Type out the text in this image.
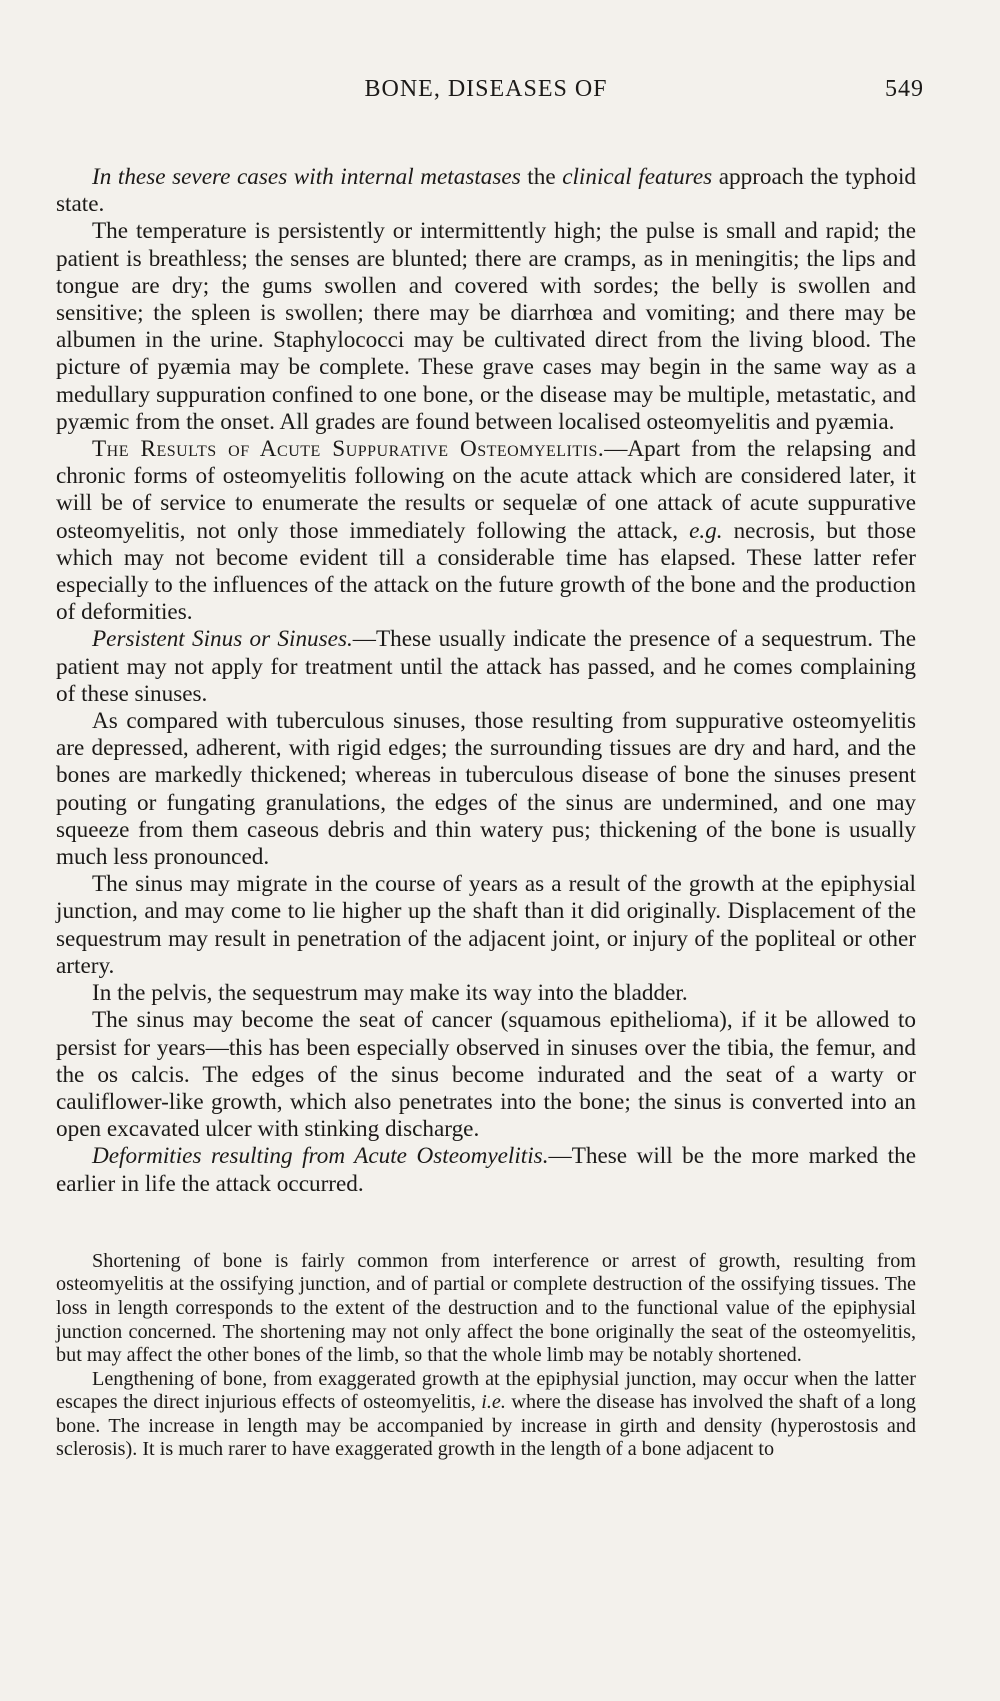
BONE, DISEASES OF	549

In these severe cases with internal metastases the clinical features approach the typhoid state.

The temperature is persistently or intermittently high; the pulse is small and rapid; the patient is breathless; the senses are blunted; there are cramps, as in meningitis; the lips and tongue are dry; the gums swollen and covered with sordes; the belly is swollen and sensitive; the spleen is swollen; there may be diarrhœa and vomiting; and there may be albumen in the urine. Staphylococci may be cultivated direct from the living blood. The picture of pyæmia may be complete. These grave cases may begin in the same way as a medullary suppuration confined to one bone, or the disease may be multiple, metastatic, and pyæmic from the onset. All grades are found between localised osteomyelitis and pyæmia.

The Results of Acute Suppurative Osteomyelitis.—Apart from the relapsing and chronic forms of osteomyelitis following on the acute attack which are considered later, it will be of service to enumerate the results or sequelæ of one attack of acute suppurative osteomyelitis, not only those immediately following the attack, e.g. necrosis, but those which may not become evident till a considerable time has elapsed. These latter refer especially to the influences of the attack on the future growth of the bone and the production of deformities.

Persistent Sinus or Sinuses.—These usually indicate the presence of a sequestrum. The patient may not apply for treatment until the attack has passed, and he comes complaining of these sinuses.

As compared with tuberculous sinuses, those resulting from suppurative osteomyelitis are depressed, adherent, with rigid edges; the surrounding tissues are dry and hard, and the bones are markedly thickened; whereas in tuberculous disease of bone the sinuses present pouting or fungating granulations, the edges of the sinus are undermined, and one may squeeze from them caseous debris and thin watery pus; thickening of the bone is usually much less pronounced.

The sinus may migrate in the course of years as a result of the growth at the epiphysial junction, and may come to lie higher up the shaft than it did originally. Displacement of the sequestrum may result in penetration of the adjacent joint, or injury of the popliteal or other artery.

In the pelvis, the sequestrum may make its way into the bladder.

The sinus may become the seat of cancer (squamous epithelioma), if it be allowed to persist for years—this has been especially observed in sinuses over the tibia, the femur, and the os calcis. The edges of the sinus become indurated and the seat of a warty or cauliflower-like growth, which also penetrates into the bone; the sinus is converted into an open excavated ulcer with stinking discharge.

Deformities resulting from Acute Osteomyelitis.—These will be the more marked the earlier in life the attack occurred.

Shortening of bone is fairly common from interference or arrest of growth, resulting from osteomyelitis at the ossifying junction, and of partial or complete destruction of the ossifying tissues. The loss in length corresponds to the extent of the destruction and to the functional value of the epiphysial junction concerned. The shortening may not only affect the bone originally the seat of the osteomyelitis, but may affect the other bones of the limb, so that the whole limb may be notably shortened.

Lengthening of bone, from exaggerated growth at the epiphysial junction, may occur when the latter escapes the direct injurious effects of osteomyelitis, i.e. where the disease has involved the shaft of a long bone. The increase in length may be accompanied by increase in girth and density (hyperostosis and sclerosis). It is much rarer to have exaggerated growth in the length of a bone adjacent to
